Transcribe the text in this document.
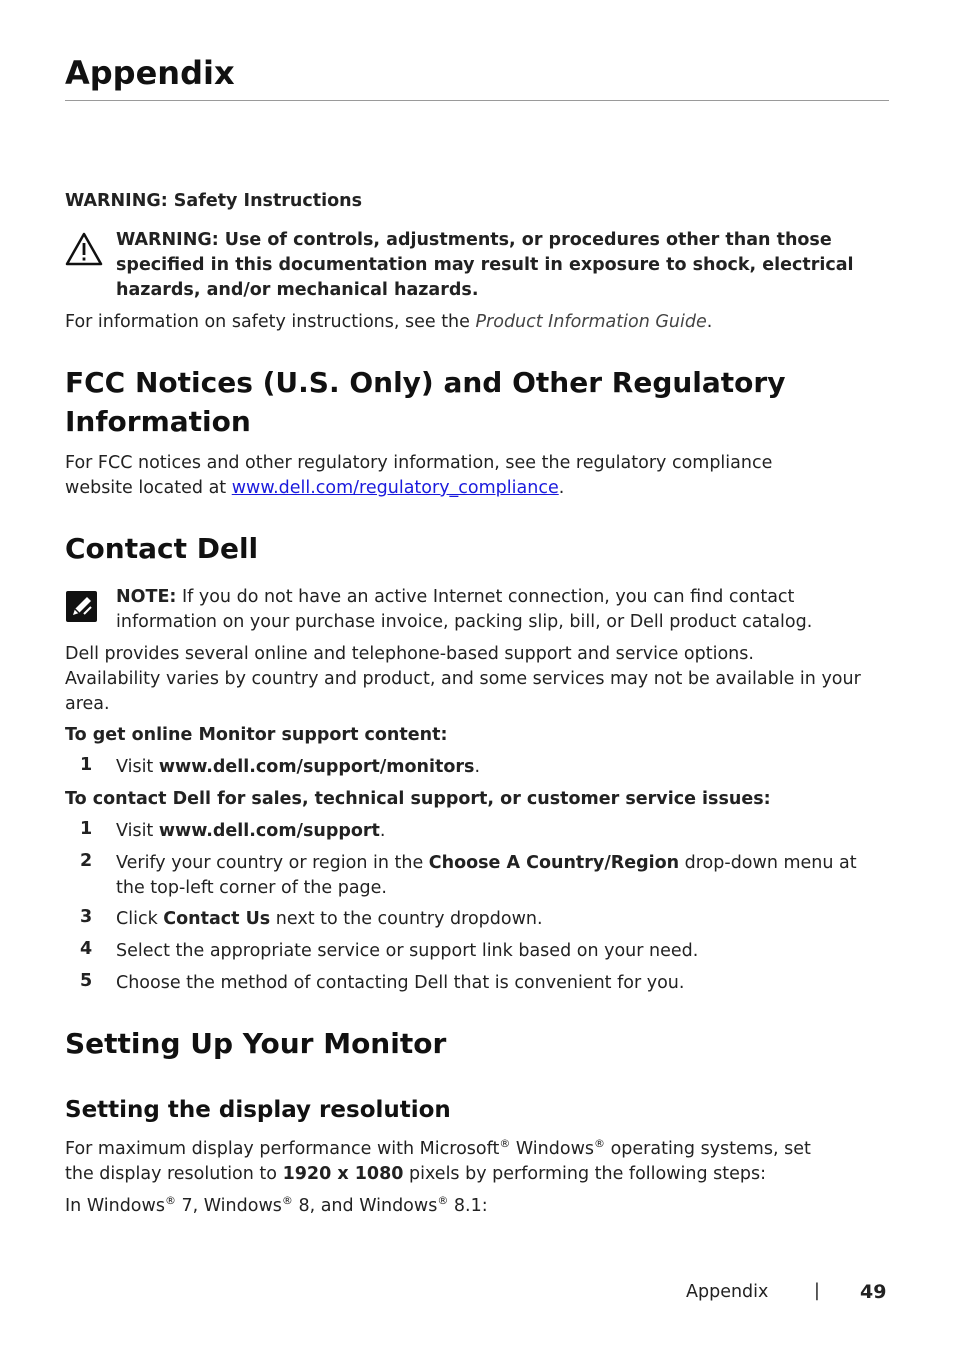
Appendix
WARNING: Safety Instructions
WARNING: Use of controls, adjustments, or procedures other than those specified in this documentation may result in exposure to shock, electrical hazards, and/or mechanical hazards.
For information on safety instructions, see the Product Information Guide.
FCC Notices (U.S. Only) and Other Regulatory
Information
For FCC notices and other regulatory information, see the regulatory compliance
website located at www.dell.com/regulatory_compliance.
Contact Dell
NOTE: If you do not have an active Internet connection, you can find contact
information on your purchase invoice, packing slip, bill, or Dell product catalog.
Dell provides several online and telephone-based support and service options.
Availability varies by country and product, and some services may not be available in your
area.
To get online Monitor support content:
1 Visit www.dell.com/support/monitors.
To contact Dell for sales, technical support, or customer service issues:
1 Visit www.dell.com/support.
2 Verify your country or region in the Choose A Country/Region drop-down menu at
the top-left corner of the page.
3 Click Contact Us next to the country dropdown.
4 Select the appropriate service or support link based on your need.
5 Choose the method of contacting Dell that is convenient for you.
Setting Up Your Monitor
Setting the display resolution
For maximum display performance with Microsoft® Windows® operating systems, set
the display resolution to 1920 x 1080 pixels by performing the following steps:
In Windows® 7, Windows® 8, and Windows® 8.1:
Appendix	| 49
